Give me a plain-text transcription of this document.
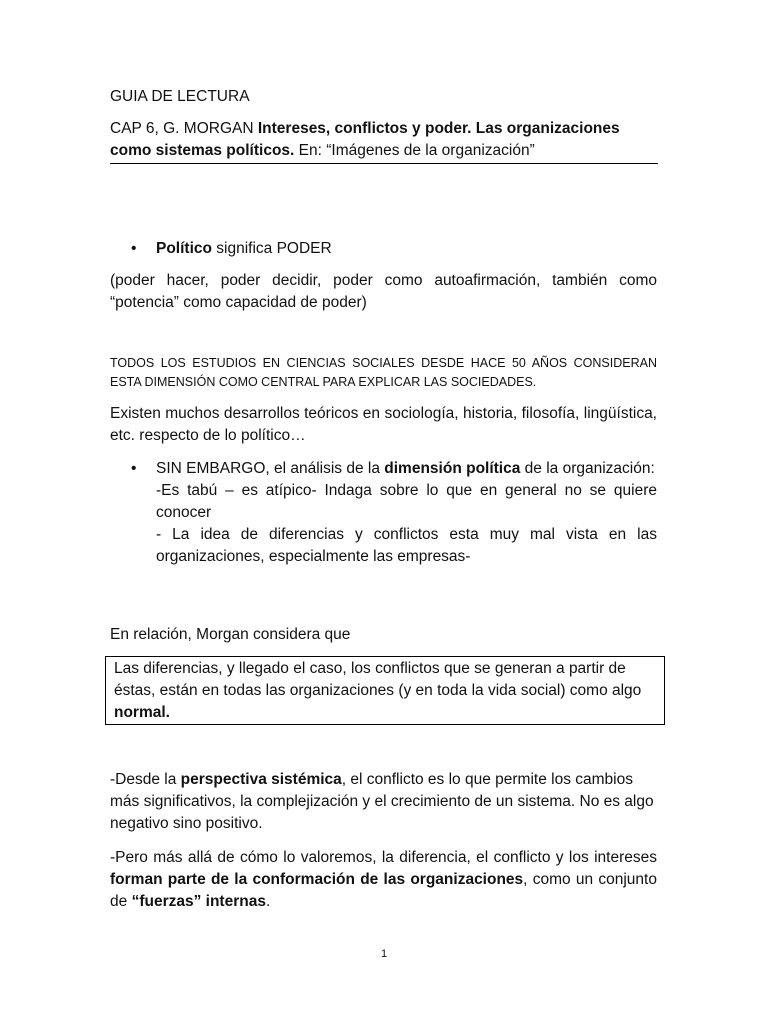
GUIA DE LECTURA

CAP 6, G. MORGAN Intereses, conflictos y poder. Las organizaciones como sistemas políticos. En: “Imágenes de la organización”

• Político significa PODER

(poder hacer, poder decidir, poder como autoafirmación, también como “potencia” como capacidad de poder)

TODOS LOS ESTUDIOS EN CIENCIAS SOCIALES DESDE HACE 50 AÑOS CONSIDERAN ESTA DIMENSIÓN COMO CENTRAL PARA EXPLICAR LAS SOCIEDADES.

Existen muchos desarrollos teóricos en sociología, historia, filosofía, lingüística, etc. respecto de lo político…

• SIN EMBARGO, el análisis de la dimensión política de la organización:
-Es tabú – es atípico- Indaga sobre lo que en general no se quiere conocer
- La idea de diferencias y conflictos esta muy mal vista en las organizaciones, especialmente las empresas-

En relación, Morgan considera que

Las diferencias, y llegado el caso, los conflictos que se generan a partir de éstas, están en todas las organizaciones (y en toda la vida social) como algo normal.

-Desde la perspectiva sistémica, el conflicto es lo que permite los cambios más significativos, la complejización y el crecimiento de un sistema. No es algo negativo sino positivo.

-Pero más allá de cómo lo valoremos, la diferencia, el conflicto y los intereses forman parte de la conformación de las organizaciones, como un conjunto de “fuerzas” internas.

1
